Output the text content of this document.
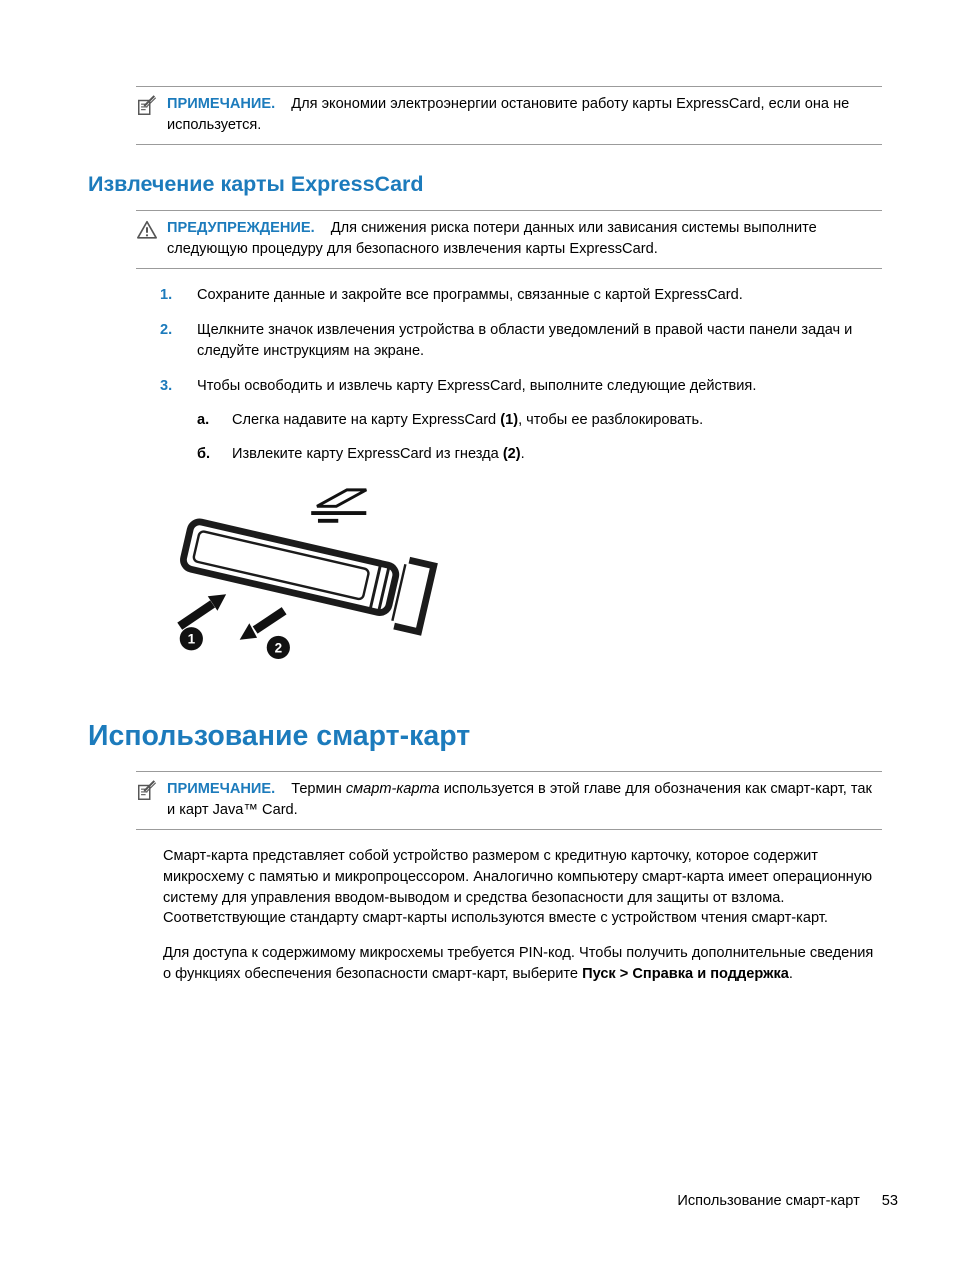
ПРИМЕЧАНИЕ. Для экономии электроэнергии остановите работу карты ExpressCard, если она не используется.

Извлечение карты ExpressCard

ПРЕДУПРЕЖДЕНИЕ. Для снижения риска потери данных или зависания системы выполните следующую процедуру для безопасного извлечения карты ExpressCard.

1.	Сохраните данные и закройте все программы, связанные с картой ExpressCard.
2.	Щелкните значок извлечения устройства в области уведомлений в правой части панели задач и следуйте инструкциям на экране.
3.	Чтобы освободить и извлечь карту ExpressCard, выполните следующие действия.
а.	Слегка надавите на карту ExpressCard (1), чтобы ее разблокировать.
б.	Извлеките карту ExpressCard из гнезда (2).
1
2
Использование смарт-карт

ПРИМЕЧАНИЕ. Термин смарт-карта используется в этой главе для обозначения как смарт-карт, так и карт Java™ Card.

Смарт-карта представляет собой устройство размером с кредитную карточку, которое содержит микросхему с памятью и микропроцессором. Аналогично компьютеру смарт-карта имеет операционную систему для управления вводом-выводом и средства безопасности для защиты от взлома. Соответствующие стандарту смарт-карты используются вместе с устройством чтения смарт-карт.

Для доступа к содержимому микросхемы требуется PIN-код. Чтобы получить дополнительные сведения о функциях обеспечения безопасности смарт-карт, выберите Пуск > Справка и поддержка.

Использование смарт-карт 53
